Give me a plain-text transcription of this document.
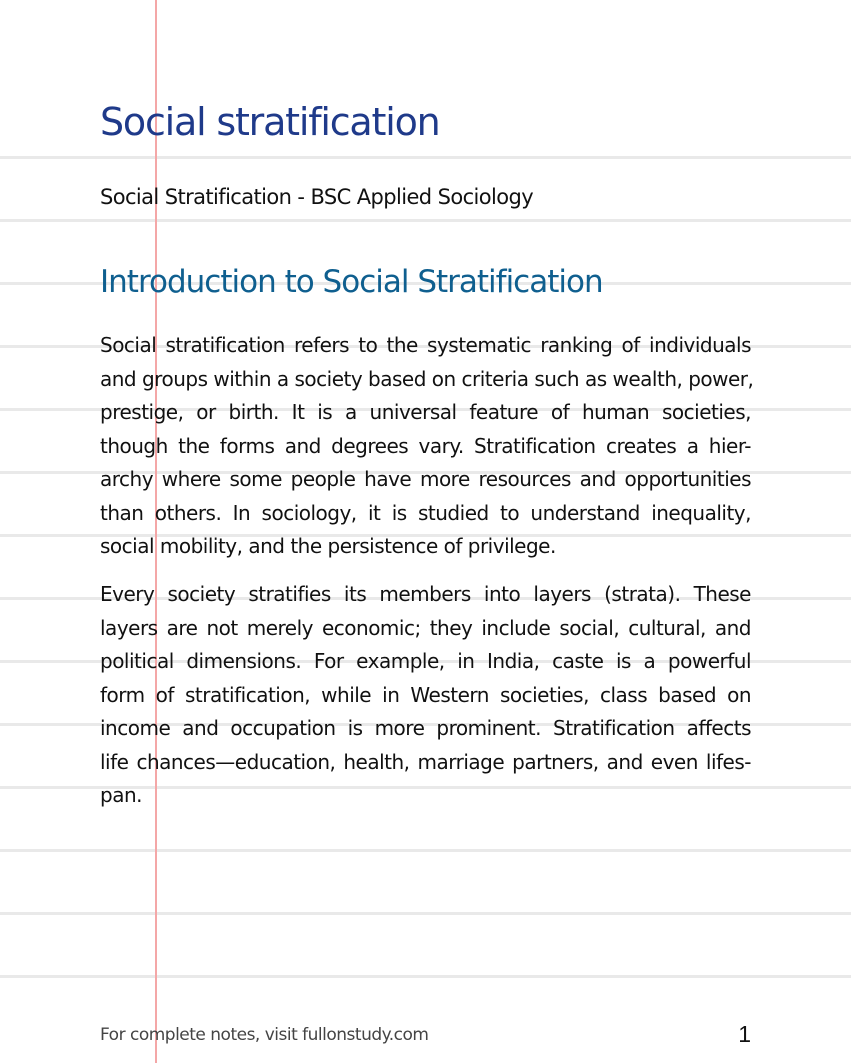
Social stratification
Social Stratification - BSC Applied Sociology
Introduction to Social Stratification

Social stratification refers to the systematic ranking of individuals
and groups within a society based on criteria such as wealth, power,
prestige, or birth. It is a universal feature of human societies,
though the forms and degrees vary. Stratification creates a hier-
archy where some people have more resources and opportunities
than others. In sociology, it is studied to understand inequality,
social mobility, and the persistence of privilege.

Every society stratifies its members into layers (strata). These
layers are not merely economic; they include social, cultural, and
political dimensions. For example, in India, caste is a powerful
form of stratification, while in Western societies, class based on
income and occupation is more prominent. Stratification affects
life chances—education, health, marriage partners, and even lifes-
pan.

For complete notes, visit fullonstudy.com	1
